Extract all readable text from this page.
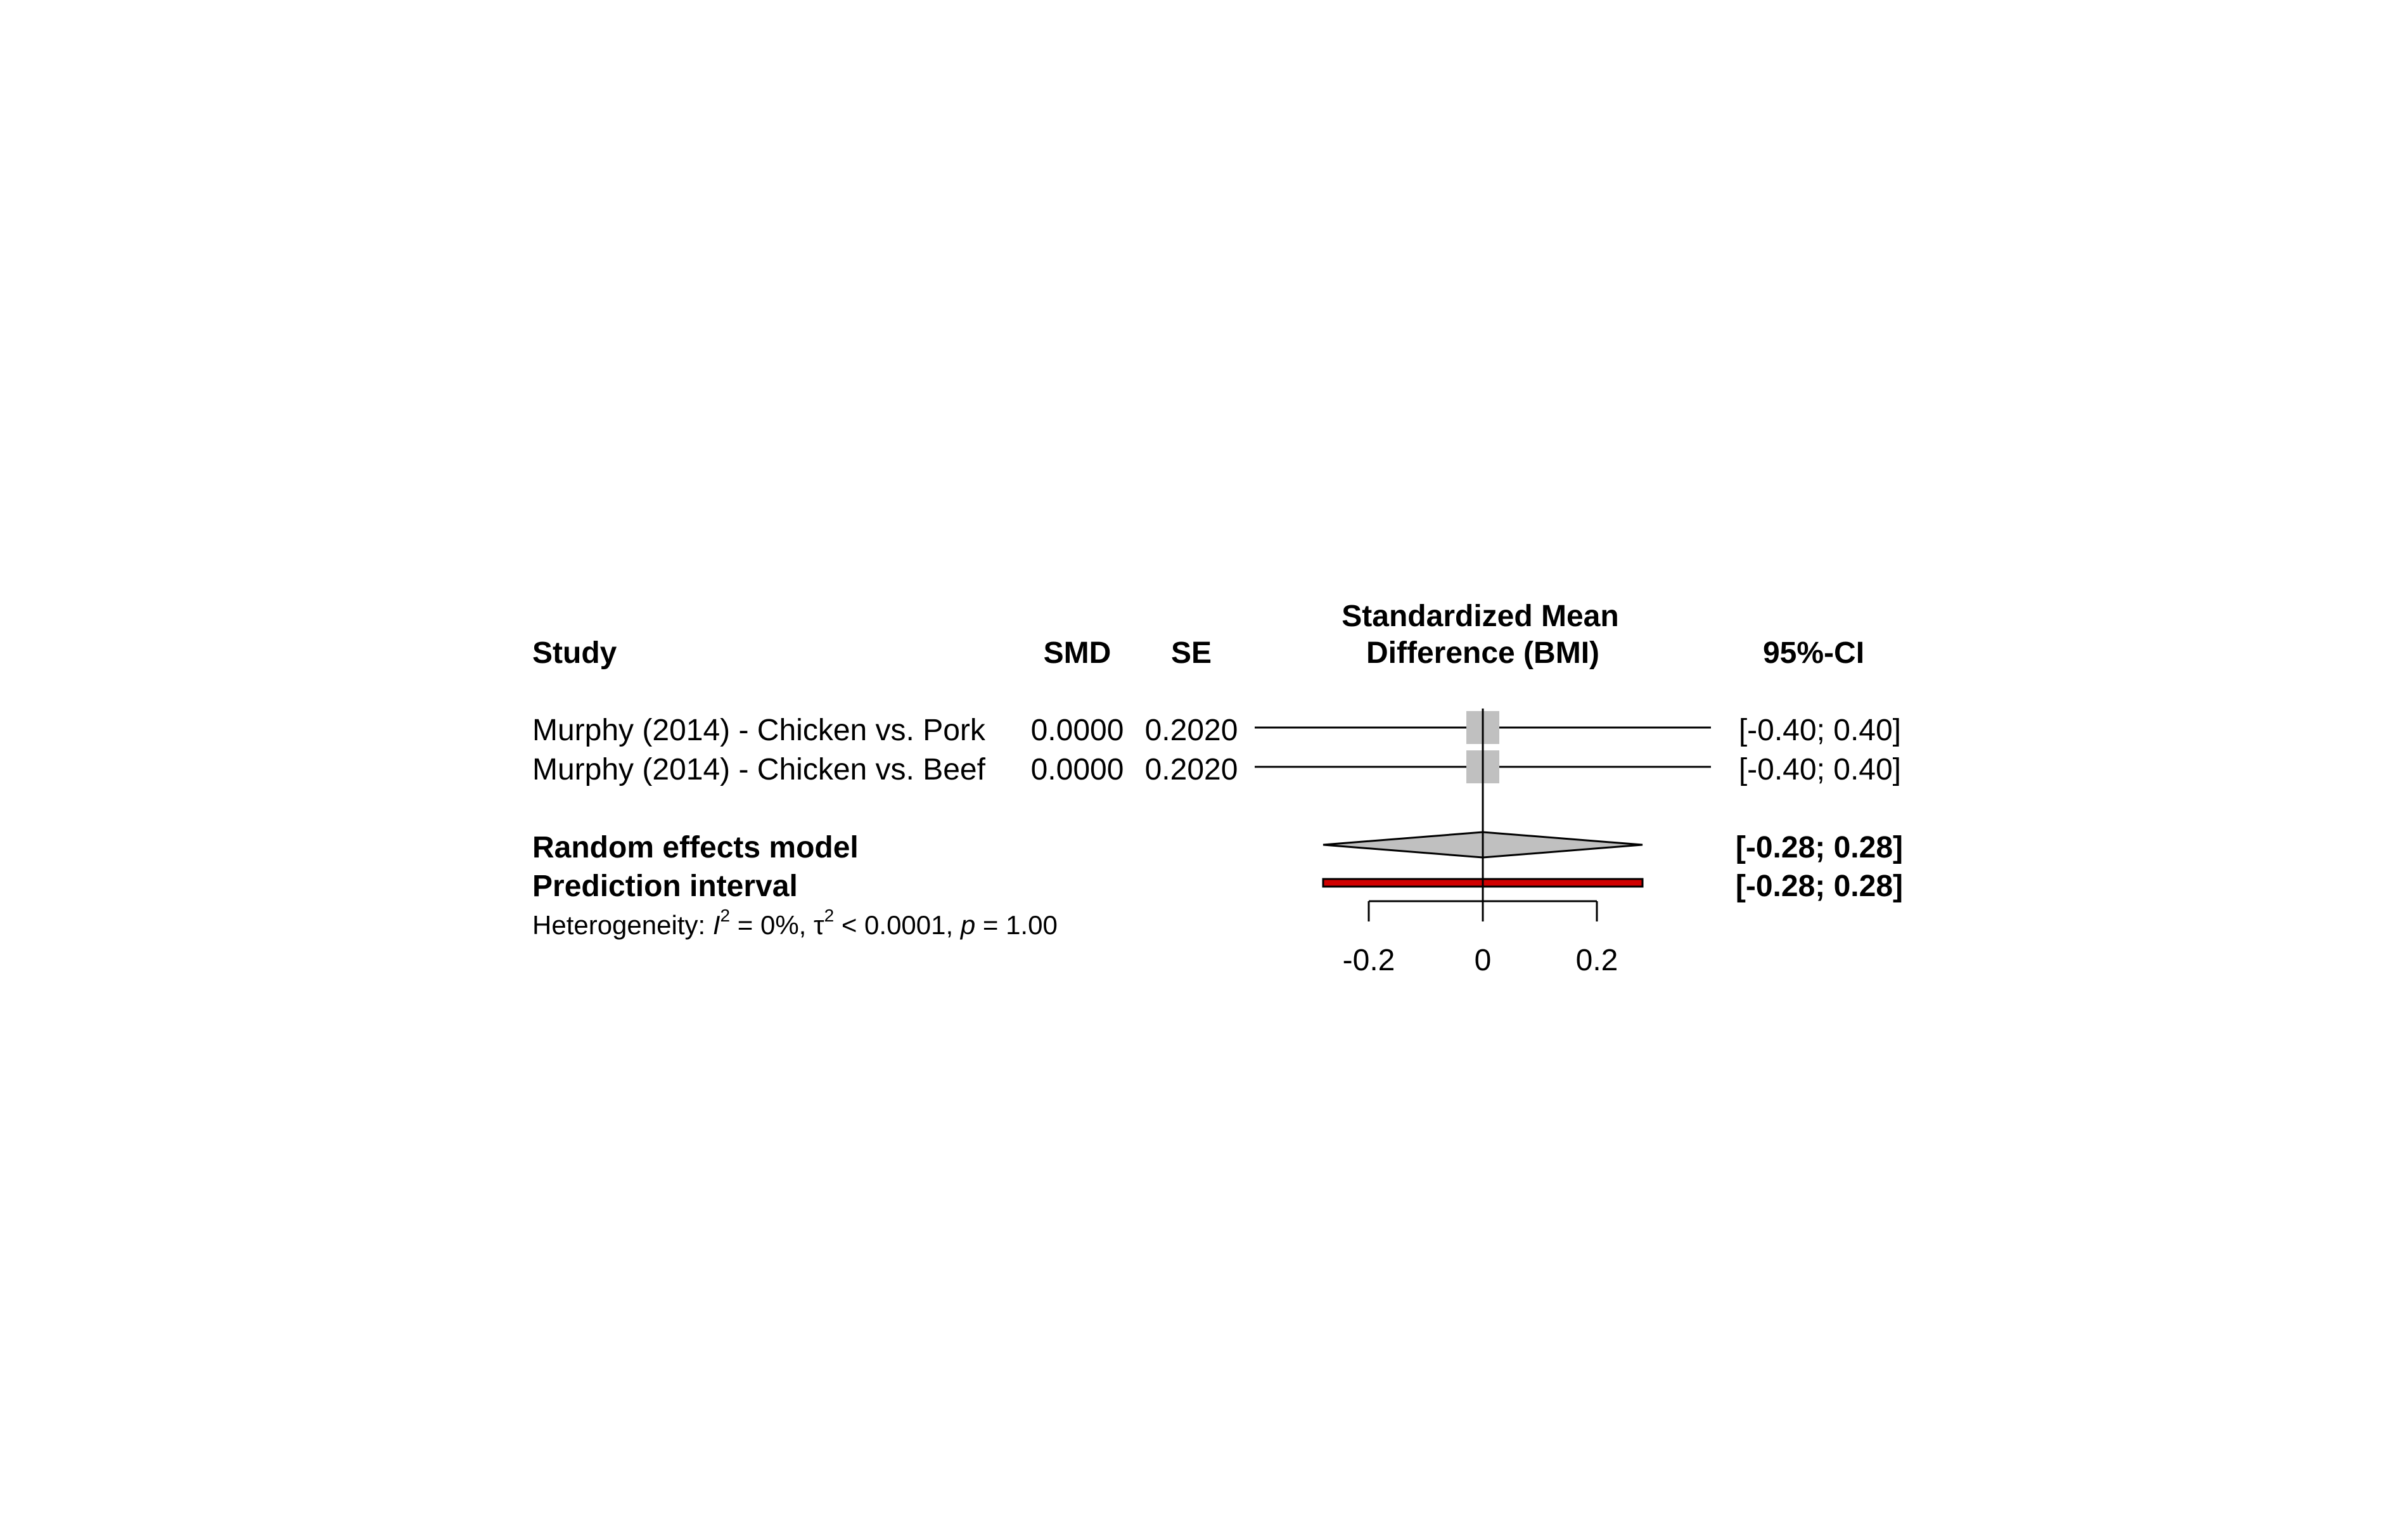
Study	SMD SE
Standardized Mean
Difference (BMI)	95%-CI
Murphy (2014) - Chicken vs. Pork 0.0000 0.2020	[-0.40; 0.40]
Murphy (2014) - Chicken vs. Beef 0.0000 0.2020	[-0.40; 0.40]
Random effects model	[-0.28; 0.28]
Prediction interval	[-0.28; 0.28]
Heterogeneity: $I^2 = 0\%$, $\tau^2 < 0.0001$, p = 1.00
-0.2	0	0.2
